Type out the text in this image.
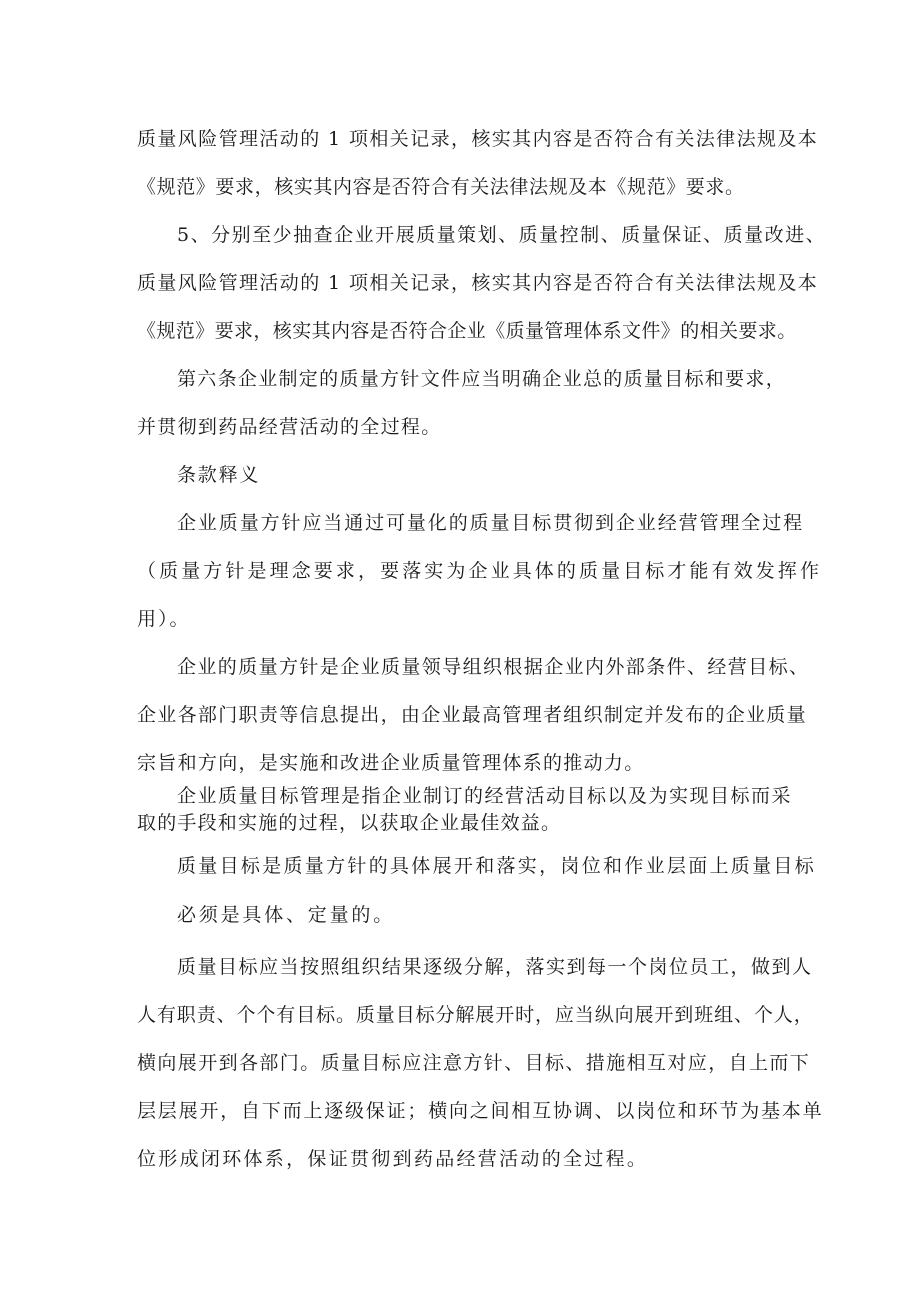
质量风险管理活动的 1 项相关记录，核实其内容是否符合有关法律法规及本
《规范》要求，核实其内容是否符合有关法律法规及本《规范》要求。
5、分别至少抽查企业开展质量策划、质量控制、质量保证、质量改进、
质量风险管理活动的 1 项相关记录，核实其内容是否符合有关法律法规及本
《规范》要求，核实其内容是否符合企业《质量管理体系文件》的相关要求。
第六条企业制定的质量方针文件应当明确企业总的质量目标和要求，
并贯彻到药品经营活动的全过程。
条款释义
企业质量方针应当通过可量化的质量目标贯彻到企业经营管理全过程
（质量方针是理念要求，要落实为企业具体的质量目标才能有效发挥作
用）。
企业的质量方针是企业质量领导组织根据企业内外部条件、经营目标、
企业各部门职责等信息提出，由企业最高管理者组织制定并发布的企业质量
宗旨和方向，是实施和改进企业质量管理体系的推动力。
企业质量目标管理是指企业制订的经营活动目标以及为实现目标而采
取的手段和实施的过程，以获取企业最佳效益。
质量目标是质量方针的具体展开和落实，岗位和作业层面上质量目标
必须是具体、定量的。
质量目标应当按照组织结果逐级分解，落实到每一个岗位员工，做到人
人有职责、个个有目标。质量目标分解展开时，应当纵向展开到班组、个人，
横向展开到各部门。质量目标应注意方针、目标、措施相互对应，自上而下
层层展开，自下而上逐级保证；横向之间相互协调、以岗位和环节为基本单
位形成闭环体系，保证贯彻到药品经营活动的全过程。
